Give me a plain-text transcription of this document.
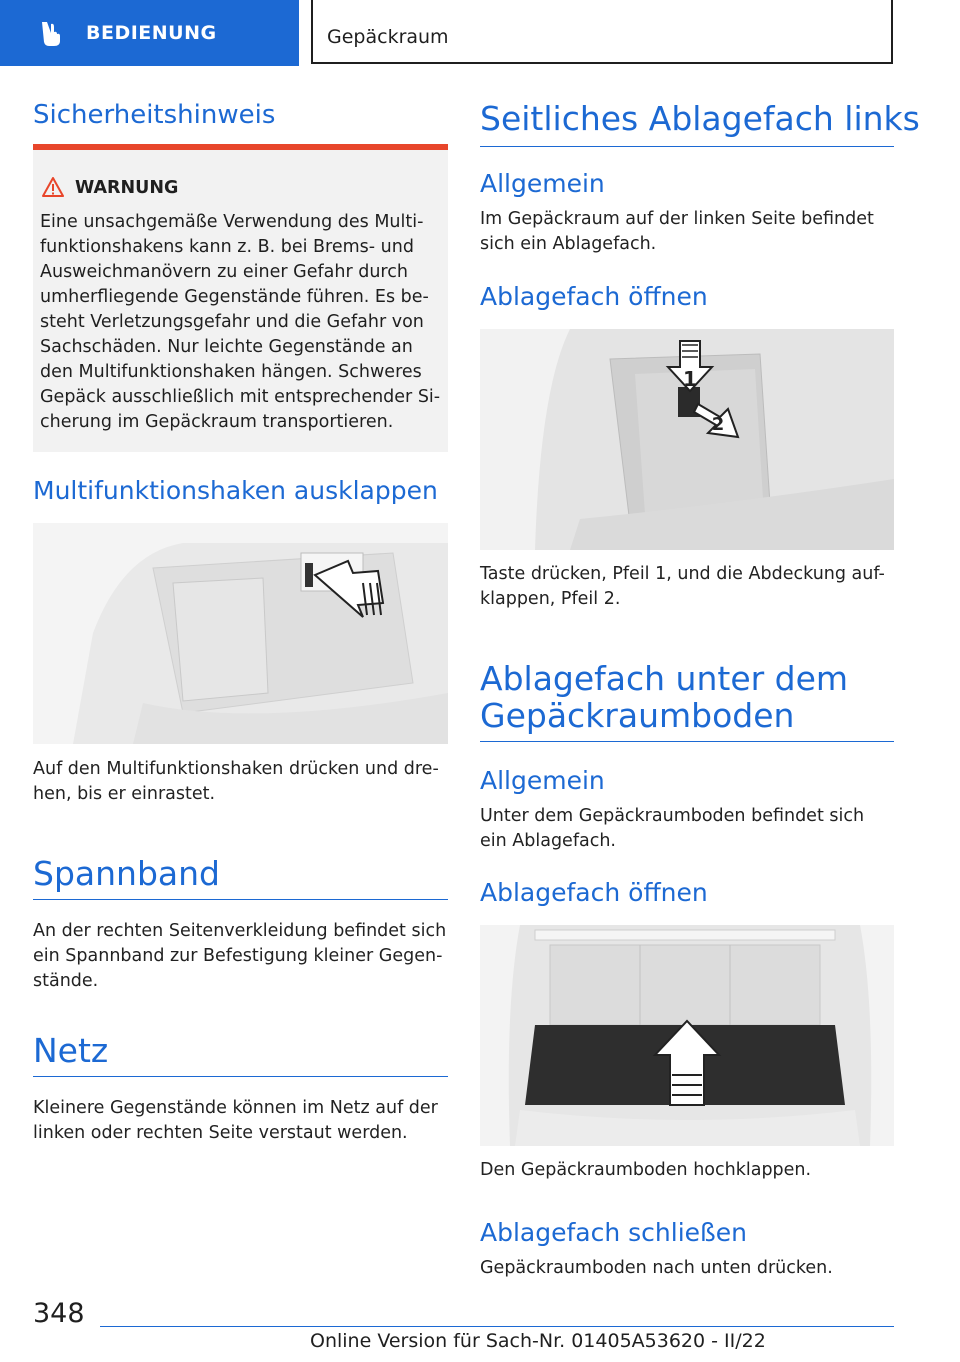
BEDIENUNG	Gepäckraum
Sicherheitshinweis
WARNUNG
Eine unsachgemäße Verwendung des Multi-
funktionshakens kann z. B. bei Brems- und
Ausweichmanövern zu einer Gefahr durch
umherfliegende Gegenstände führen. Es be-
steht Verletzungsgefahr und die Gefahr von
Sachschäden. Nur leichte Gegenstände an
den Multifunktionshaken hängen. Schweres
Gepäck ausschließlich mit entsprechender Si-
cherung im Gepäckraum transportieren.
Multifunktionshaken ausklappen
Auf den Multifunktionshaken drücken und dre-
hen, bis er einrastet.
Spannband
An der rechten Seitenverkleidung befindet sich
ein Spannband zur Befestigung kleiner Gegen-
stände.
Netz
Kleinere Gegenstände können im Netz auf der
linken oder rechten Seite verstaut werden.
Seitliches Ablagefach links
Allgemein
Im Gepäckraum auf der linken Seite befindet
sich ein Ablagefach.
Ablagefach öffnen
1
2
Taste drücken, Pfeil 1, und die Abdeckung auf-
klappen, Pfeil 2.
Ablagefach unter dem
Gepäckraumboden
Allgemein
Unter dem Gepäckraumboden befindet sich
ein Ablagefach.
Ablagefach öffnen
Den Gepäckraumboden hochklappen.
Ablagefach schließen
Gepäckraumboden nach unten drücken.
348
Online Version für Sach-Nr. 01405A53620 - II/22
